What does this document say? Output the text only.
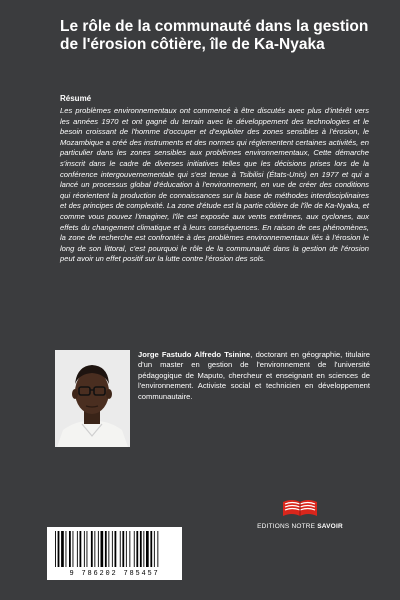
Le rôle de la communauté dans la gestion de l'érosion côtière, île de Ka-Nyaka

Résumé

Les problèmes environnementaux ont commencé à être discutés avec plus d'intérêt vers les années 1970 et ont gagné du terrain avec le développement des technologies et le besoin croissant de l'homme d'occuper et d'exploiter des zones sensibles à l'érosion, le Mozambique a créé des instruments et des normes qui réglementent certaines activités, en particulier dans les zones sensibles aux problèmes environnementaux, Cette démarche s'inscrit dans le cadre de diverses initiatives telles que les décisions prises lors de la conférence intergouvernementale qui s'est tenue à Tsibilisi (États-Unis) en 1977 et qui a lancé un processus global d'éducation à l'environnement, en vue de créer des conditions qui réorientent la production de connaissances sur la base de méthodes interdisciplinaires et des principes de complexité. La zone d'étude est la partie côtière de l'île de Ka-Nyaka, et comme vous pouvez l'imaginer, l'île est exposée aux vents extrêmes, aux cyclones, aux effets du changement climatique et à leurs conséquences. En raison de ces phénomènes, la zone de recherche est confrontée à des problèmes environnementaux liés à l'érosion le long de son littoral, c'est pourquoi le rôle de la communauté dans la gestion de l'érosion peut avoir un effet positif sur la lutte contre l'érosion des sols.

Jorge Fastudo Alfredo Tsinine, doctorant en géographie, titulaire d'un master en gestion de l'environnement de l'université pédagogique de Maputo, chercheur et enseignant en sciences de l'environnement. Activiste social et technicien en développement communautaire.

EDITIONS NOTRE SAVOIR
9 786202 785457
